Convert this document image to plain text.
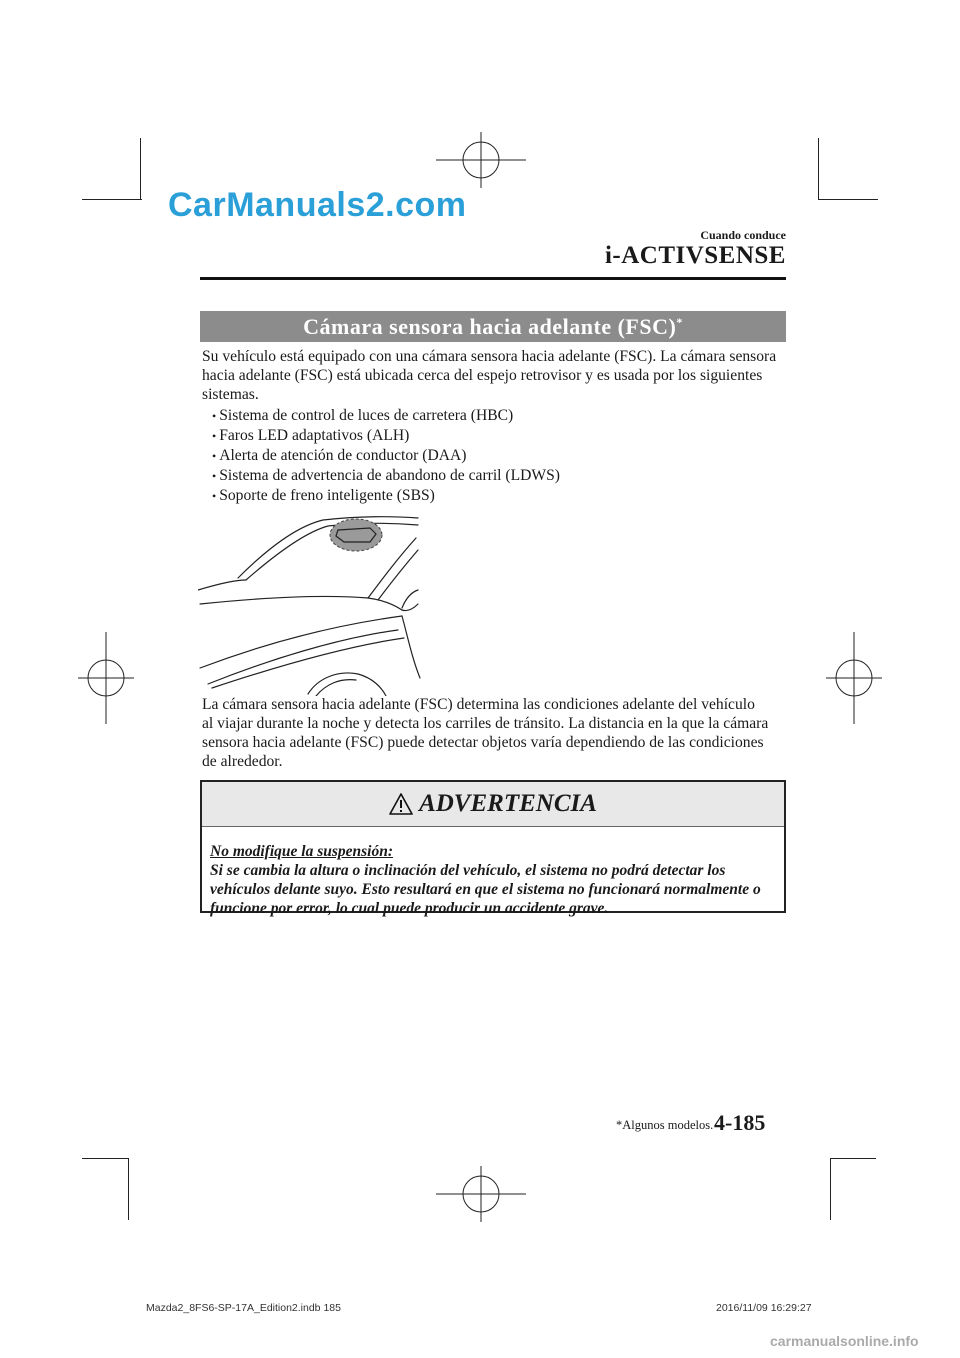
CarManuals2.com
Cuando conduce
i-ACTIVSENSE
Cámara sensora hacia adelante (FSC)*
Su vehículo está equipado con una cámara sensora hacia adelante (FSC). La cámara sensora
hacia adelante (FSC) está ubicada cerca del espejo retrovisor y es usada por los siguientes
sistemas.
• Sistema de control de luces de carretera (HBC)
• Faros LED adaptativos (ALH)
• Alerta de atención de conductor (DAA)
• Sistema de advertencia de abandono de carril (LDWS)
• Soporte de freno inteligente (SBS)
La cámara sensora hacia adelante (FSC) determina las condiciones adelante del vehículo
al viajar durante la noche y detecta los carriles de tránsito. La distancia en la que la cámara
sensora hacia adelante (FSC) puede detectar objetos varía dependiendo de las condiciones
de alrededor.
ADVERTENCIA
No modifique la suspensión:
Si se cambia la altura o inclinación del vehículo, el sistema no podrá detectar los
vehículos delante suyo. Esto resultará en que el sistema no funcionará normalmente o
funcione por error, lo cual puede producir un accidente grave.
*Algunos modelos. 4-185
Mazda2_8FS6-SP-17A_Edition2.indb 185	2016/11/09 16:29:27
carmanualsonline.info
